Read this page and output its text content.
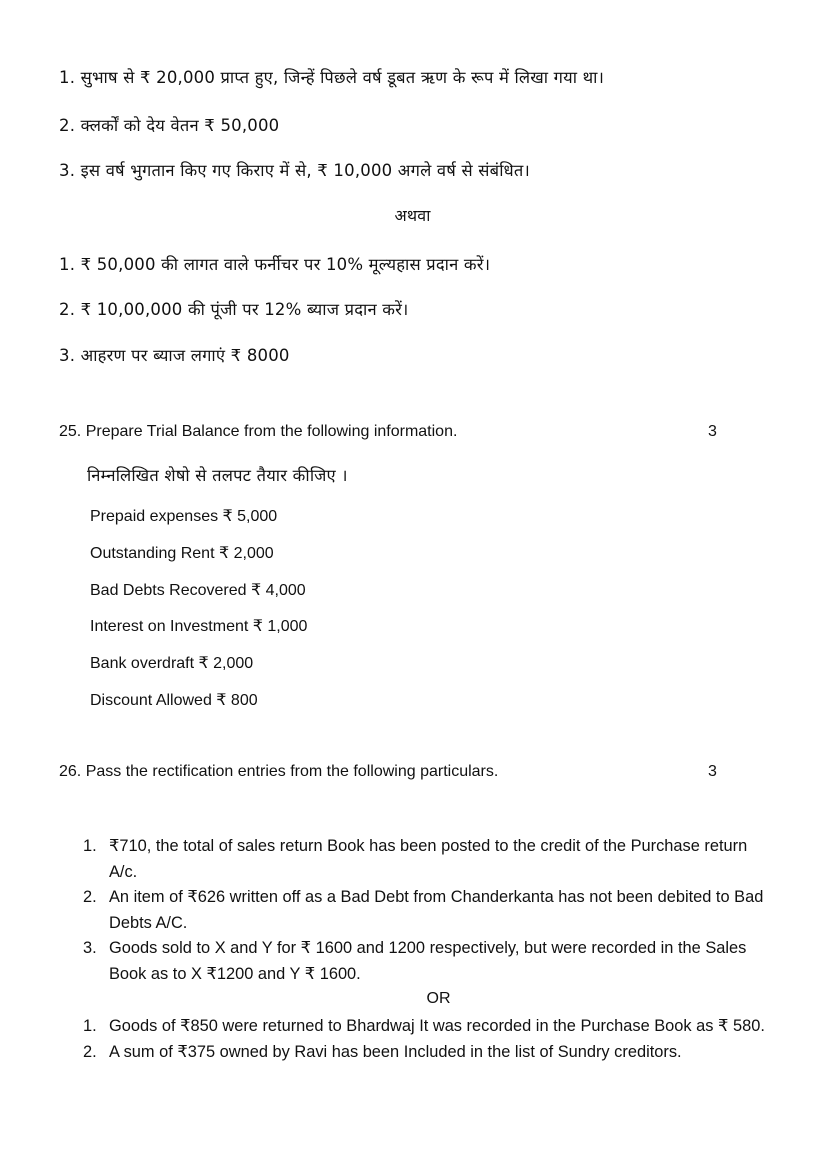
1. सुभाष से ₹ 20,000 प्राप्त हुए, जिन्हें पिछले वर्ष डूबत ऋण के रूप में लिखा गया था।
2. क्लर्कों को देय वेतन ₹ 50,000
3. इस वर्ष भुगतान किए गए किराए में से, ₹ 10,000 अगले वर्ष से संबंधित।
अथवा
1. ₹ 50,000 की लागत वाले फर्नीचर पर 10% मूल्यहास प्रदान करें।
2. ₹ 10,00,000 की पूंजी पर 12% ब्याज प्रदान करें।
3. आहरण पर ब्याज लगाएं ₹ 8000
25. Prepare Trial Balance from the following information.	3
निम्नलिखित शेषो से तलपट तैयार कीजिए ।
Prepaid expenses ₹ 5,000
Outstanding Rent ₹ 2,000
Bad Debts Recovered ₹ 4,000
Interest on Investment ₹ 1,000
Bank overdraft ₹ 2,000
Discount Allowed ₹ 800
26. Pass the rectification entries from the following particulars.	3
1. ₹710, the total of sales return Book has been posted to the credit of the Purchase return A/c.
2. An item of ₹626 written off as a Bad Debt from Chanderkanta has not been debited to Bad Debts A/C.
3. Goods sold to X and Y for ₹ 1600 and 1200 respectively, but were recorded in the Sales Book as to X ₹1200 and Y ₹ 1600.
OR
1. Goods of ₹850 were returned to Bhardwaj It was recorded in the Purchase Book as ₹ 580.
2. A sum of ₹375 owned by Ravi has been Included in the list of Sundry creditors.
